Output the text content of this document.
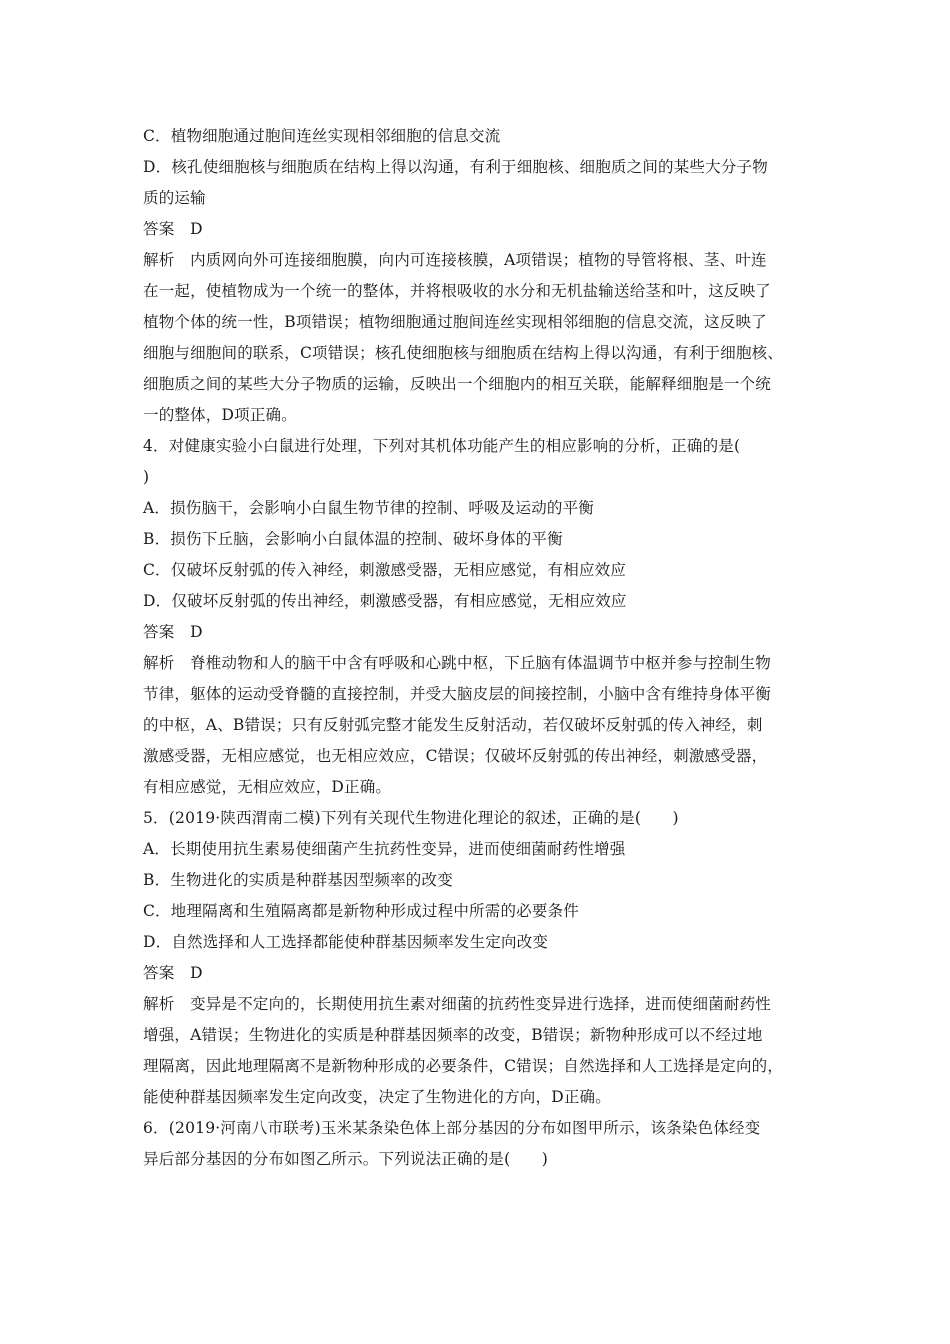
C．植物细胞通过胞间连丝实现相邻细胞的信息交流
D．核孔使细胞核与细胞质在结构上得以沟通，有利于细胞核、细胞质之间的某些大分子物
质的运输
答案　D
解析　内质网向外可连接细胞膜，向内可连接核膜，A项错误；植物的导管将根、茎、叶连
在一起，使植物成为一个统一的整体，并将根吸收的水分和无机盐输送给茎和叶，这反映了
植物个体的统一性，B项错误；植物细胞通过胞间连丝实现相邻细胞的信息交流，这反映了
细胞与细胞间的联系，C项错误；核孔使细胞核与细胞质在结构上得以沟通，有利于细胞核、
细胞质之间的某些大分子物质的运输，反映出一个细胞内的相互关联，能解释细胞是一个统
一的整体，D项正确。
4．对健康实验小白鼠进行处理，下列对其机体功能产生的相应影响的分析，正确的是(
)
A．损伤脑干，会影响小白鼠生物节律的控制、呼吸及运动的平衡
B．损伤下丘脑，会影响小白鼠体温的控制、破坏身体的平衡
C．仅破坏反射弧的传入神经，刺激感受器，无相应感觉，有相应效应
D．仅破坏反射弧的传出神经，刺激感受器，有相应感觉，无相应效应
答案　D
解析　脊椎动物和人的脑干中含有呼吸和心跳中枢，下丘脑有体温调节中枢并参与控制生物
节律，躯体的运动受脊髓的直接控制，并受大脑皮层的间接控制，小脑中含有维持身体平衡
的中枢，A、B错误；只有反射弧完整才能发生反射活动，若仅破坏反射弧的传入神经，刺
激感受器，无相应感觉，也无相应效应，C错误；仅破坏反射弧的传出神经，刺激感受器，
有相应感觉，无相应效应，D正确。
5．(2019·陕西渭南二模)下列有关现代生物进化理论的叙述，正确的是(　　)
A．长期使用抗生素易使细菌产生抗药性变异，进而使细菌耐药性增强
B．生物进化的实质是种群基因型频率的改变
C．地理隔离和生殖隔离都是新物种形成过程中所需的必要条件
D．自然选择和人工选择都能使种群基因频率发生定向改变
答案　D
解析　变异是不定向的，长期使用抗生素对细菌的抗药性变异进行选择，进而使细菌耐药性
增强，A错误；生物进化的实质是种群基因频率的改变，B错误；新物种形成可以不经过地
理隔离，因此地理隔离不是新物种形成的必要条件，C错误；自然选择和人工选择是定向的，
能使种群基因频率发生定向改变，决定了生物进化的方向，D正确。
6．(2019·河南八市联考)玉米某条染色体上部分基因的分布如图甲所示，该条染色体经变
异后部分基因的分布如图乙所示。下列说法正确的是(　　)
